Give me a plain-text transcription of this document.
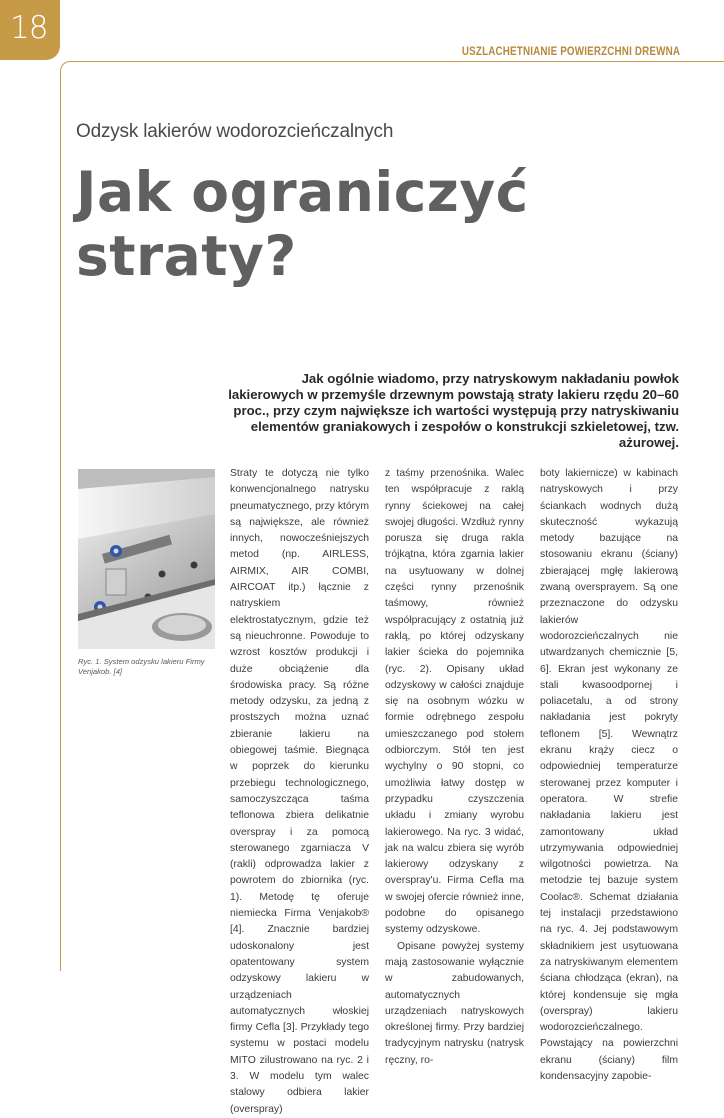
18
USZLACHETNIANIE POWIERZCHNI DREWNA
Odzysk lakierów wodorozcieńczalnych
Jak ograniczyć straty?
Jak ogólnie wiadomo, przy natryskowym nakładaniu powłok lakierowych w przemyśle drzewnym powstają straty lakieru rzędu 20–60 proc., przy czym największe ich wartości występują przy natryskiwaniu elementów graniakowych i zespołów o konstrukcji szkieletowej, tzw. ażurowej.
Ryc. 1. System odzysku lakieru Firmy Venjakob. [4]

Straty te dotyczą nie tylko konwencjonalnego natrysku pneumatycznego, przy którym są największe, ale również innych, nowocześniejszych metod (np. AIRLESS, AIRMIX, AIR COMBI, AIRCOAT itp.) łącznie z natryskiem elektrostatycznym, gdzie też są nieuchronne. Powoduje to wzrost kosztów produkcji i duże obciążenie dla środowiska pracy. Są różne metody odzysku, za jedną z prostszych można uznać zbieranie lakieru na obiegowej taśmie. Biegnąca w poprzek do kierunku przebiegu technologicznego, samoczyszcząca taśma teflonowa zbiera delikatnie overspray i za pomocą sterowanego zgarniacza V (rakli) odprowadza lakier z powrotem do zbiornika (ryc. 1). Metodę tę oferuje niemiecka Firma Venjakob® [4]. Znacznie bardziej udoskonalony jest opatentowany system odzyskowy lakieru w urządzeniach automatycznych włoskiej firmy Cefla [3]. Przykłady tego systemu w postaci modelu MITO zilustrowano na ryc. 2 i 3. W modelu tym walec stalowy odbiera lakier (overspray)

z taśmy przenośnika. Walec ten współpracuje z raklą rynny ściekowej na całej swojej długości. Wzdłuż rynny porusza się druga rakla trójkątna, która zgarnia lakier na usytuowany w dolnej części rynny przenośnik taśmowy, również współpracujący z ostatnią już raklą, po której odzyskany lakier ścieka do pojemnika (ryc. 2). Opisany układ odzyskowy w całości znajduje się na osobnym wózku w formie odrębnego zespołu umieszczanego pod stołem odbiorczym. Stół ten jest wychylny o 90 stopni, co umożliwia łatwy dostęp w przypadku czyszczenia układu i zmiany wyrobu lakierowego. Na ryc. 3 widać, jak na walcu zbiera się wyrób lakierowy odzyskany z overspray'u. Firma Cefla ma w swojej ofercie również inne, podobne do opisanego systemy odzyskowe.

Opisane powyżej systemy mają zastosowanie wyłącznie w zabudowanych, automatycznych urządzeniach natryskowych określonej firmy. Przy bardziej tradycyjnym natrysku (natrysk ręczny, ro-

boty lakiernicze) w kabinach natryskowych i przy ściankach wodnych dużą skuteczność wykazują metody bazujące na stosowaniu ekranu (ściany) zbierającej mgłę lakierową zwaną oversprayem. Są one przeznaczone do odzysku lakierów wodorozcieńczalnych nie utwardzanych chemicznie [5, 6]. Ekran jest wykonany ze stali kwasoodpornej i poliacetalu, a od strony nakładania jest pokryty teflonem [5]. Wewnątrz ekranu krąży ciecz o odpowiedniej temperaturze sterowanej przez komputer i operatora. W strefie nakładania lakieru jest zamontowany układ utrzymywania odpowiedniej wilgotności powietrza. Na metodzie tej bazuje system Coolac®. Schemat działania tej instalacji przedstawiono na ryc. 4. Jej podstawowym składnikiem jest usytuowana za natryskiwanym elementem ściana chłodząca (ekran), na której kondensuje się mgła (overspray) lakieru wodorozcieńczalnego. Powstający na powierzchni ekranu (ściany) film kondensacyjny zapobie-
